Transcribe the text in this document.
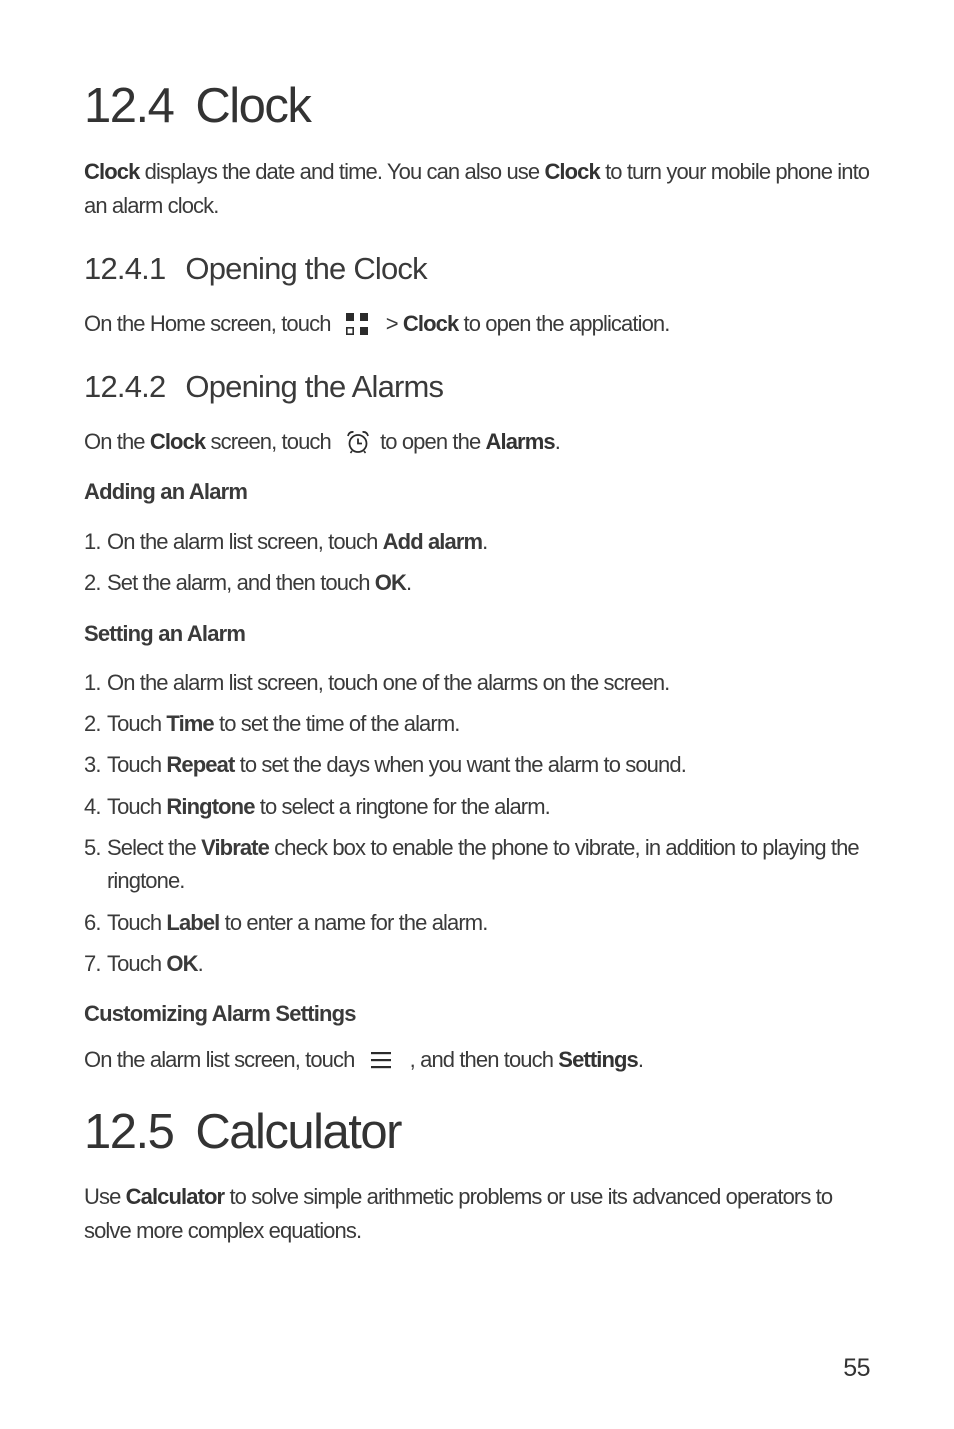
12.4 Clock

Clock displays the date and time. You can also use Clock to turn your mobile phone into an alarm clock.

12.4.1 Opening the Clock

On the Home screen, touch > Clock to open the application.

12.4.2 Opening the Alarms

On the Clock screen, touch to open the Alarms .

Adding an Alarm
1. On the alarm list screen, touch Add alarm.
2. Set the alarm, and then touch OK.
Setting an Alarm
1. On the alarm list screen, touch one of the alarms on the screen.
2. Touch Time to set the time of the alarm.
3. Touch Repeat to set the days when you want the alarm to sound.
4. Touch Ringtone to select a ringtone for the alarm.
5. Select the Vibrate check box to enable the phone to vibrate, in addition to playing the ringtone.
6. Touch Label to enter a name for the alarm.
7. Touch OK.
Customizing Alarm Settings

On the alarm list screen, touch , and then touch Settings .

12.5 Calculator

Use Calculator to solve simple arithmetic problems or use its advanced operators to solve more complex equations.

55
